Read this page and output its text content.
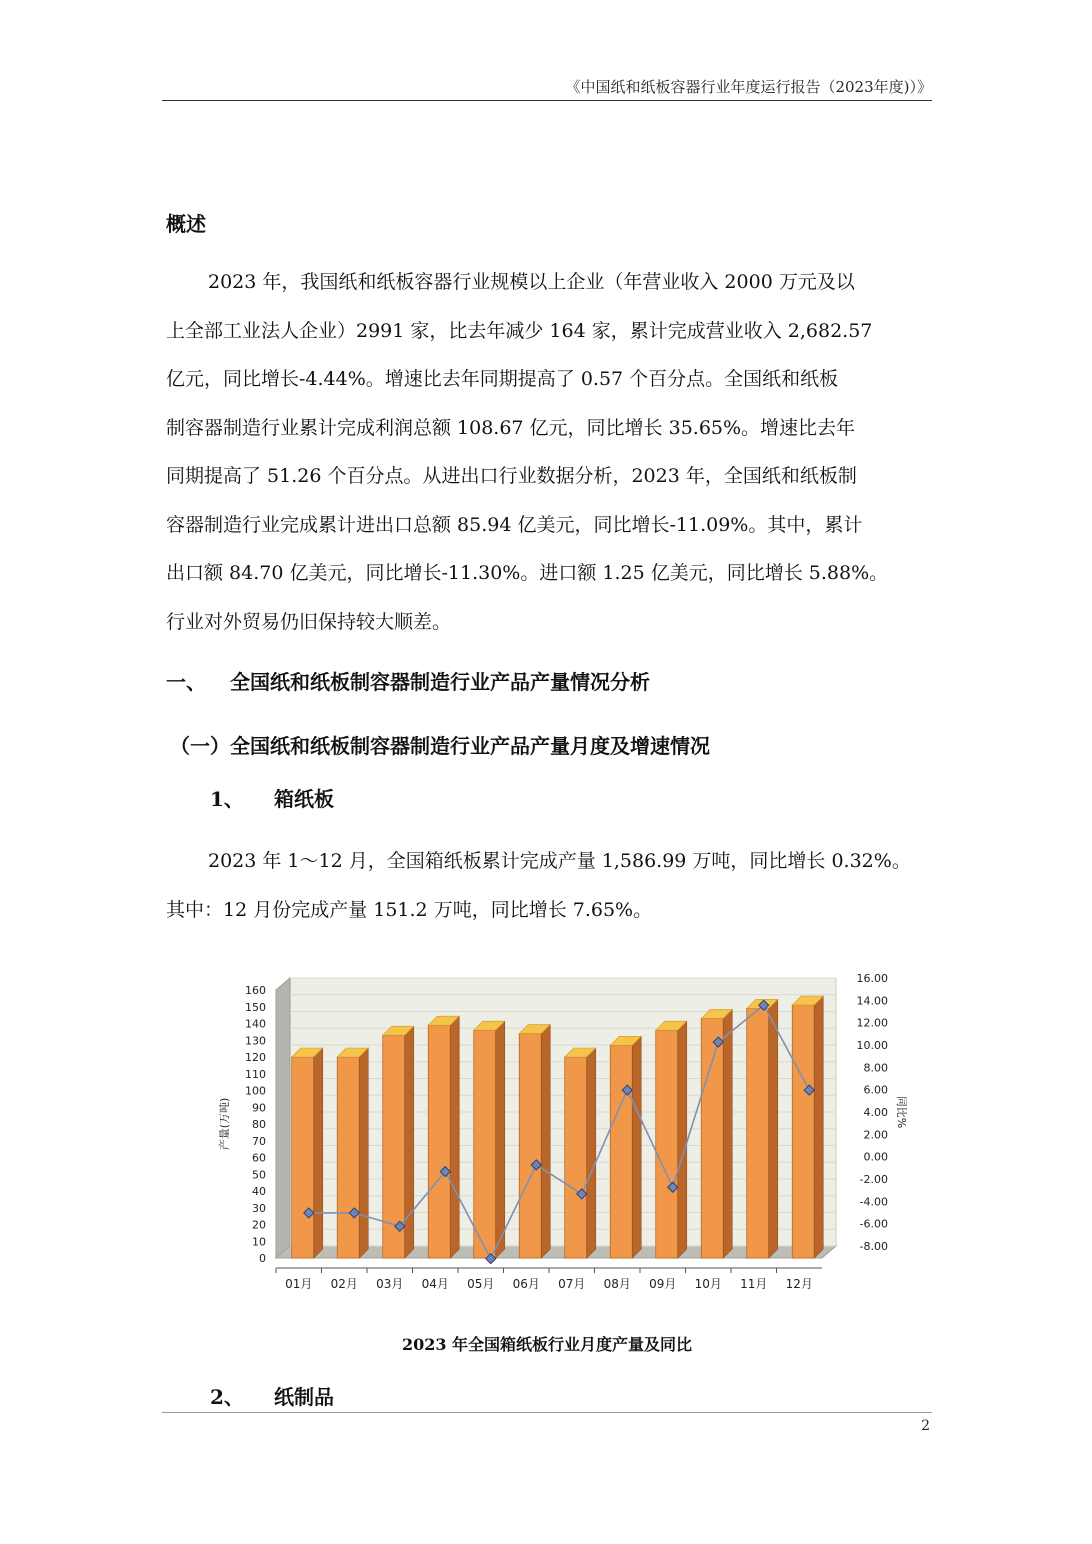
《中国纸和纸板容器行业年度运行报告（2023年度)）》
概述
2023 年，我国纸和纸板容器行业规模以上企业（年营业收入 2000 万元及以
上全部工业法人企业）2991 家，比去年减少 164 家，累计完成营业收入 2,682.57
亿元，同比增长-4.44%。增速比去年同期提高了 0.57 个百分点。全国纸和纸板
制容器制造行业累计完成利润总额 108.67 亿元，同比增长 35.65%。增速比去年
同期提高了 51.26 个百分点。从进出口行业数据分析，2023 年，全国纸和纸板制
容器制造行业完成累计进出口总额 85.94 亿美元，同比增长-11.09%。其中，累计
出口额 84.70 亿美元，同比增长-11.30%。进口额 1.25 亿美元，同比增长 5.88%。
行业对外贸易仍旧保持较大顺差。
一、 全国纸和纸板制容器制造行业产品产量情况分析
（一）全国纸和纸板制容器制造行业产品产量月度及增速情况
1、 箱纸板
2023 年 1～12 月，全国箱纸板累计完成产量 1,586.99 万吨，同比增长 0.32%。
其中：12 月份完成产量 151.2 万吨，同比增长 7.65%。
0
10
20
30
40
50
60
70
80
90
100
110
120
130
140
150
160
-8.00
-6.00
-4.00
-2.00
0.00
2.00
4.00
6.00
8.00
10.00
12.00
14.00
16.00
产量(万吨)	同比%
01月 02月 03月 04月 05月 06月 07月 08月 09月 10月 11月 12月
2023 年全国箱纸板行业月度产量及同比
2、 纸制品
2
